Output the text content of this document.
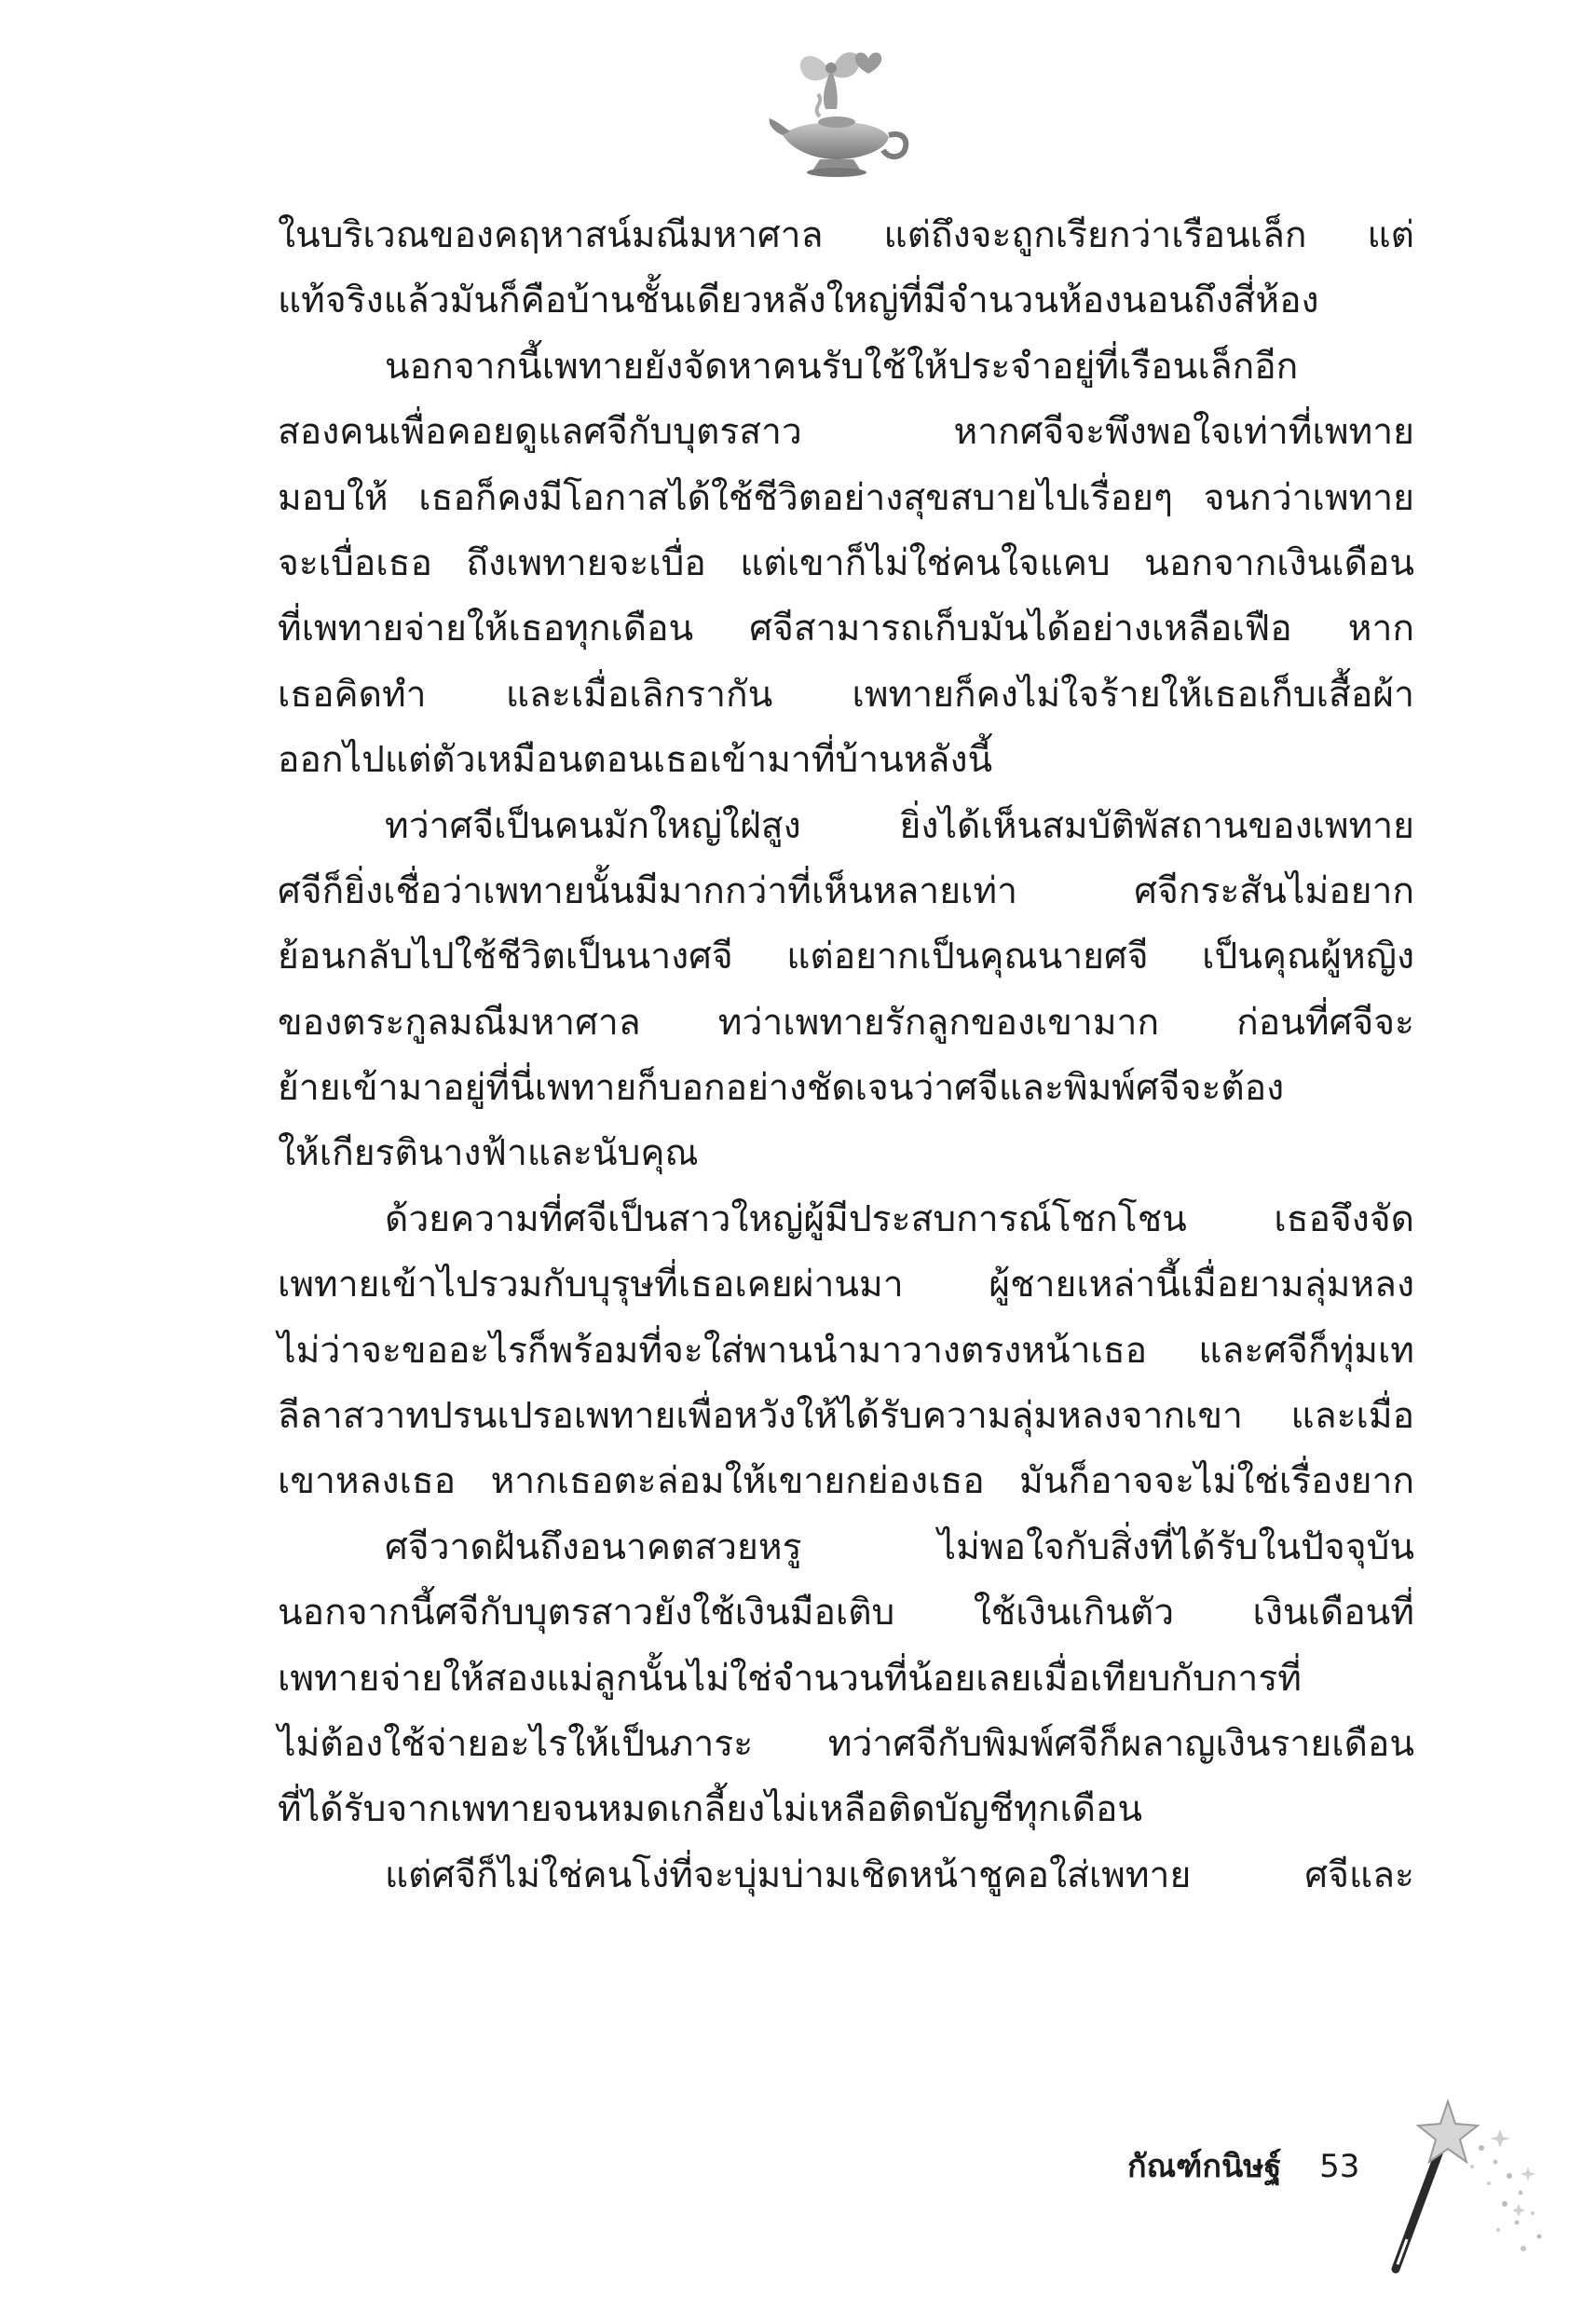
ในบริเวณของคฤหาสน์มณีมหาศาล แต่ถึงจะถูกเรียกว่าเรือนเล็ก แต่
แท้จริงแล้วมันก็คือบ้านชั้นเดียวหลังใหญ่ที่มีจำนวนห้องนอนถึงสี่ห้อง
นอกจากนี้เพทายยังจัดหาคนรับใช้ให้ประจำอยู่ที่เรือนเล็กอีก
สองคนเพื่อคอยดูแลศจีกับบุตรสาว หากศจีจะพึงพอใจเท่าที่เพทาย
มอบให้ เธอก็คงมีโอกาสได้ใช้ชีวิตอย่างสุขสบายไปเรื่อยๆ จนกว่าเพทาย
จะเบื่อเธอ ถึงเพทายจะเบื่อ แต่เขาก็ไม่ใช่คนใจแคบ นอกจากเงินเดือน
ที่เพทายจ่ายให้เธอทุกเดือน ศจีสามารถเก็บมันได้อย่างเหลือเฟือ หาก
เธอคิดทำ และเมื่อเลิกรากัน เพทายก็คงไม่ใจร้ายให้เธอเก็บเสื้อผ้า
ออกไปแต่ตัวเหมือนตอนเธอเข้ามาที่บ้านหลังนี้
ทว่าศจีเป็นคนมักใหญ่ใฝ่สูง ยิ่งได้เห็นสมบัติพัสถานของเพทาย
ศจีก็ยิ่งเชื่อว่าเพทายนั้นมีมากกว่าที่เห็นหลายเท่า ศจีกระสันไม่อยาก
ย้อนกลับไปใช้ชีวิตเป็นนางศจี แต่อยากเป็นคุณนายศจี เป็นคุณผู้หญิง
ของตระกูลมณีมหาศาล ทว่าเพทายรักลูกของเขามาก ก่อนที่ศจีจะ
ย้ายเข้ามาอยู่ที่นี่เพทายก็บอกอย่างชัดเจนว่าศจีและพิมพ์ศจีจะต้อง
ให้เกียรตินางฟ้าและนับคุณ
ด้วยความที่ศจีเป็นสาวใหญ่ผู้มีประสบการณ์โชกโชน เธอจึงจัด
เพทายเข้าไปรวมกับบุรุษที่เธอเคยผ่านมา ผู้ชายเหล่านี้เมื่อยามลุ่มหลง
ไม่ว่าจะขออะไรก็พร้อมที่จะใส่พานนำมาวางตรงหน้าเธอ และศจีก็ทุ่มเท
ลีลาสวาทปรนเปรอเพทายเพื่อหวังให้ได้รับความลุ่มหลงจากเขา และเมื่อ
เขาหลงเธอ หากเธอตะล่อมให้เขายกย่องเธอ มันก็อาจจะไม่ใช่เรื่องยาก
ศจีวาดฝันถึงอนาคตสวยหรู ไม่พอใจกับสิ่งที่ได้รับในปัจจุบัน
นอกจากนี้ศจีกับบุตรสาวยังใช้เงินมือเติบ ใช้เงินเกินตัว เงินเดือนที่
เพทายจ่ายให้สองแม่ลูกนั้นไม่ใช่จำนวนที่น้อยเลยเมื่อเทียบกับการที่
ไม่ต้องใช้จ่ายอะไรให้เป็นภาระ ทว่าศจีกับพิมพ์ศจีก็ผลาญเงินรายเดือน
ที่ได้รับจากเพทายจนหมดเกลี้ยงไม่เหลือติดบัญชีทุกเดือน
แต่ศจีก็ไม่ใช่คนโง่ที่จะบุ่มบ่ามเชิดหน้าชูคอใส่เพทาย ศจีและ
กัณฑ์กนิษฐ์ 53
